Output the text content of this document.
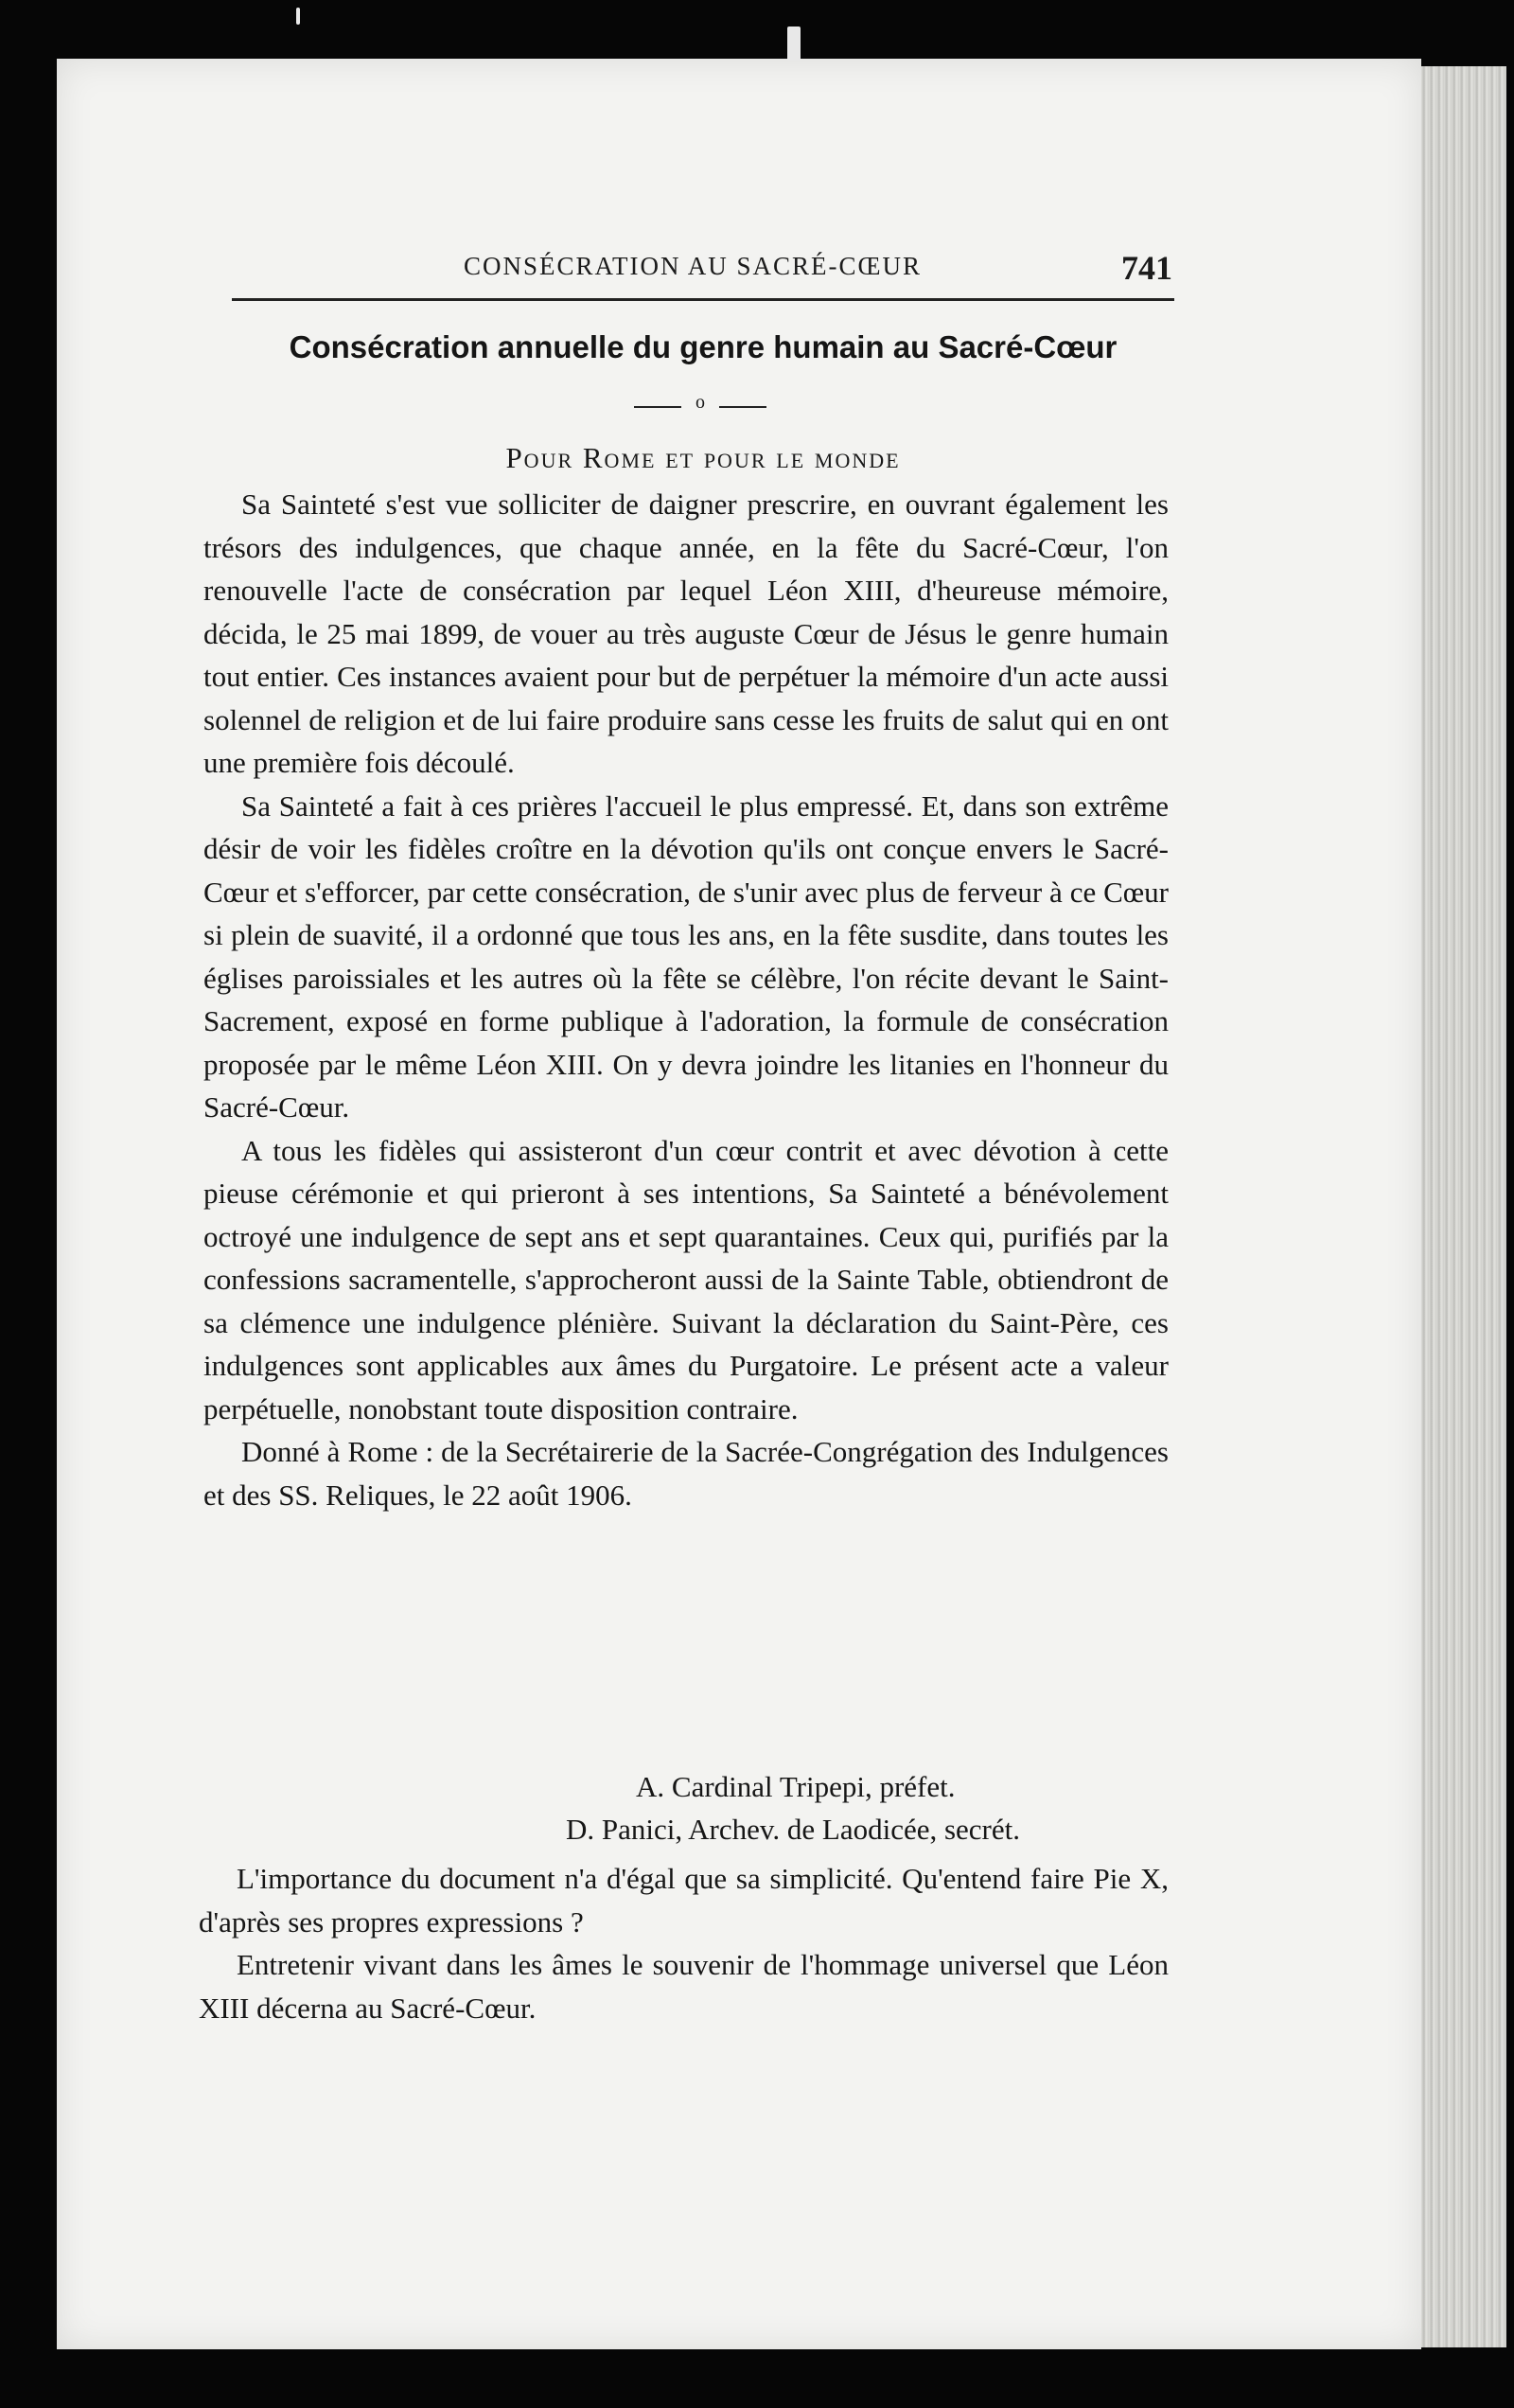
CONSÉCRATION AU SACRÉ-CŒUR	741
Consécration annuelle du genre humain au Sacré-Cœur
o
Pour Rome et pour le monde

Sa Sainteté s'est vue solliciter de daigner prescrire, en ouvrant également les trésors des indulgences, que chaque année, en la fête du Sacré-Cœur, l'on renouvelle l'acte de consécration par lequel Léon XIII, d'heureuse mémoire, décida, le 25 mai 1899, de vouer au très auguste Cœur de Jésus le genre humain tout entier. Ces instances avaient pour but de perpétuer la mémoire d'un acte aussi solennel de religion et de lui faire produire sans cesse les fruits de salut qui en ont une première fois découlé.

Sa Sainteté a fait à ces prières l'accueil le plus empressé. Et, dans son extrême désir de voir les fidèles croître en la dévotion qu'ils ont conçue envers le Sacré-Cœur et s'efforcer, par cette consécration, de s'unir avec plus de ferveur à ce Cœur si plein de suavité, il a ordonné que tous les ans, en la fête susdite, dans toutes les églises paroissiales et les autres où la fête se célèbre, l'on récite devant le Saint-Sacrement, exposé en forme publique à l'adoration, la formule de consécration proposée par le même Léon XIII. On y devra joindre les litanies en l'honneur du Sacré-Cœur.

A tous les fidèles qui assisteront d'un cœur contrit et avec dévotion à cette pieuse cérémonie et qui prieront à ses intentions, Sa Sainteté a bénévolement octroyé une indulgence de sept ans et sept quarantaines. Ceux qui, purifiés par la confessions sacramentelle, s'approcheront aussi de la Sainte Table, obtiendront de sa clémence une indulgence plénière. Suivant la déclaration du Saint-Père, ces indulgences sont applicables aux âmes du Purgatoire. Le présent acte a valeur perpétuelle, nonobstant toute disposition contraire.

Donné à Rome : de la Secrétairerie de la Sacrée-Congrégation des Indulgences et des SS. Reliques, le 22 août 1906.

A. Cardinal Tripepi, préfet.
D. Panici, Archev. de Laodicée, secrét.

L'importance du document n'a d'égal que sa simplicité. Qu'entend faire Pie X, d'après ses propres expressions ?

Entretenir vivant dans les âmes le souvenir de l'hommage universel que Léon XIII décerna au Sacré-Cœur.
